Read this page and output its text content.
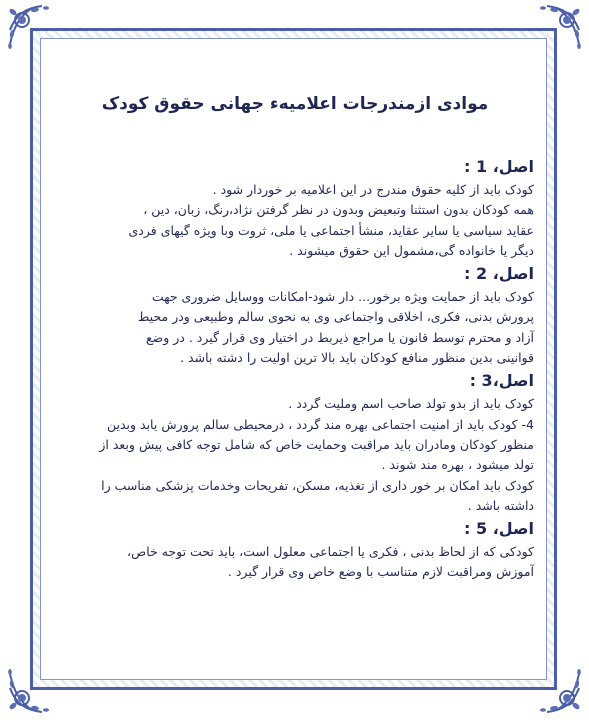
موادی ازمندرجات اعلامیهء جهانی حقوق کودک
اصل، 1 :

کودک باید از کلیه حقوق مندرج در این اعلامیه بر خوردار شود .

همه کودکان بدون استثنا وتبعیض وبدون در نظر گرفتن نژاد،رنگ، زبان، دین ،

عقاید سیاسی یا سایر عقاید، منشأ اجتماعی یا ملی، ثروت وبا ویژه گیهای فردی

دیگر یا خانواده گی،مشمول این حقوق میشوند .

اصل، 2 :

کودک باید از حمایت ویژه برخور... دار شود-امکانات ووسایل ضروری جهت

پرورش بدنی، فکری، اخلاقی واجتماعی وی به نحوی سالم وطبیعی ودر محیط

آزاد و محترم توسط قانون یا مراجع ذیربط در اختیار وی قرار گیرد . در وضع

قوانینی بدین منظور منافع کودکان باید بالا ترین اولیت را دشته باشد .

اصل،3 :

کودک باید از بدو تولد صاحب اسم وملیت گردد .

4- کودک باید از امنیت اجتماعی بهره مند گردد ، درمحیطی سالم پرورش یابد وبدین

منظور کودکان ومادران باید مراقبت وحمایت خاص که شامل توجه کافی پیش وبعد از

تولد میشود ، بهره مند شوند .

کودک باید امکان بر خور داری از تغذیه، مسکن، تفریحات وخدمات پزشکی مناسب را

داشته باشد .

اصل، 5 :

کودکی که از لحاظ بدنی ، فکری یا اجتماعی معلول است، باید تحت توجه خاص،

آموزش ومراقبت لازم متناسب با وضع خاص وی قرار گیرد .
